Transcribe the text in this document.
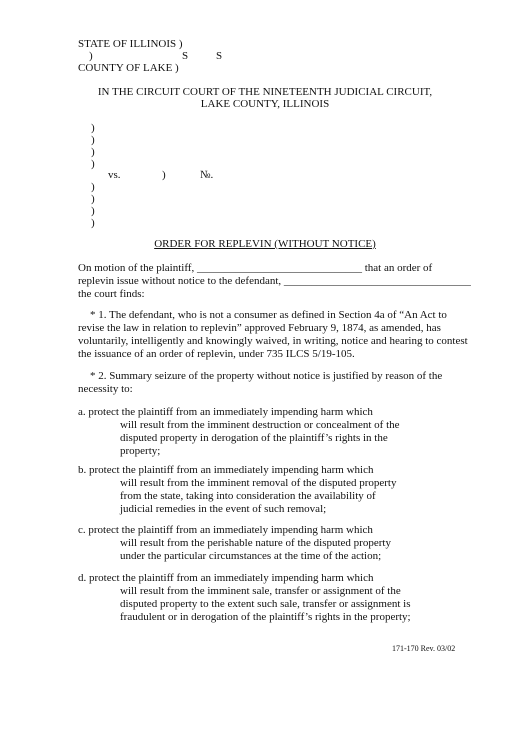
STATE OF ILLINOIS )
)	S	S
COUNTY OF LAKE )
IN THE CIRCUIT COURT OF THE NINETEENTH JUDICIAL CIRCUIT,
LAKE COUNTY, ILLINOIS
)
)
)
)
vs.	)	№.
)
)
)
)
ORDER FOR REPLEVIN (WITHOUT NOTICE)
On motion of the plaintiff, ______________________________ that an order of
replevin issue without notice to the defendant, __________________________________
the court finds:
* 1. The defendant, who is not a consumer as defined in Section 4a of “An Act to
revise the law in relation to replevin” approved February 9, 1874, as amended, has
voluntarily, intelligently and knowingly waived, in writing, notice and hearing to contest
the issuance of an order of replevin, under 735 ILCS 5/19-105.
* 2. Summary seizure of the property without notice is justified by reason of the
necessity to:
a. protect the plaintiff from an immediately impending harm which
will result from the imminent destruction or concealment of the
disputed property in derogation of the plaintiff’s rights in the
property;
b. protect the plaintiff from an immediately impending harm which
will result from the imminent removal of the disputed property
from the state, taking into consideration the availability of
judicial remedies in the event of such removal;
c. protect the plaintiff from an immediately impending harm which
will result from the perishable nature of the disputed property
under the particular circumstances at the time of the action;
d. protect the plaintiff from an immediately impending harm which
will result from the imminent sale, transfer or assignment of the
disputed property to the extent such sale, transfer or assignment is
fraudulent or in derogation of the plaintiff’s rights in the property;
171-170 Rev. 03/02
